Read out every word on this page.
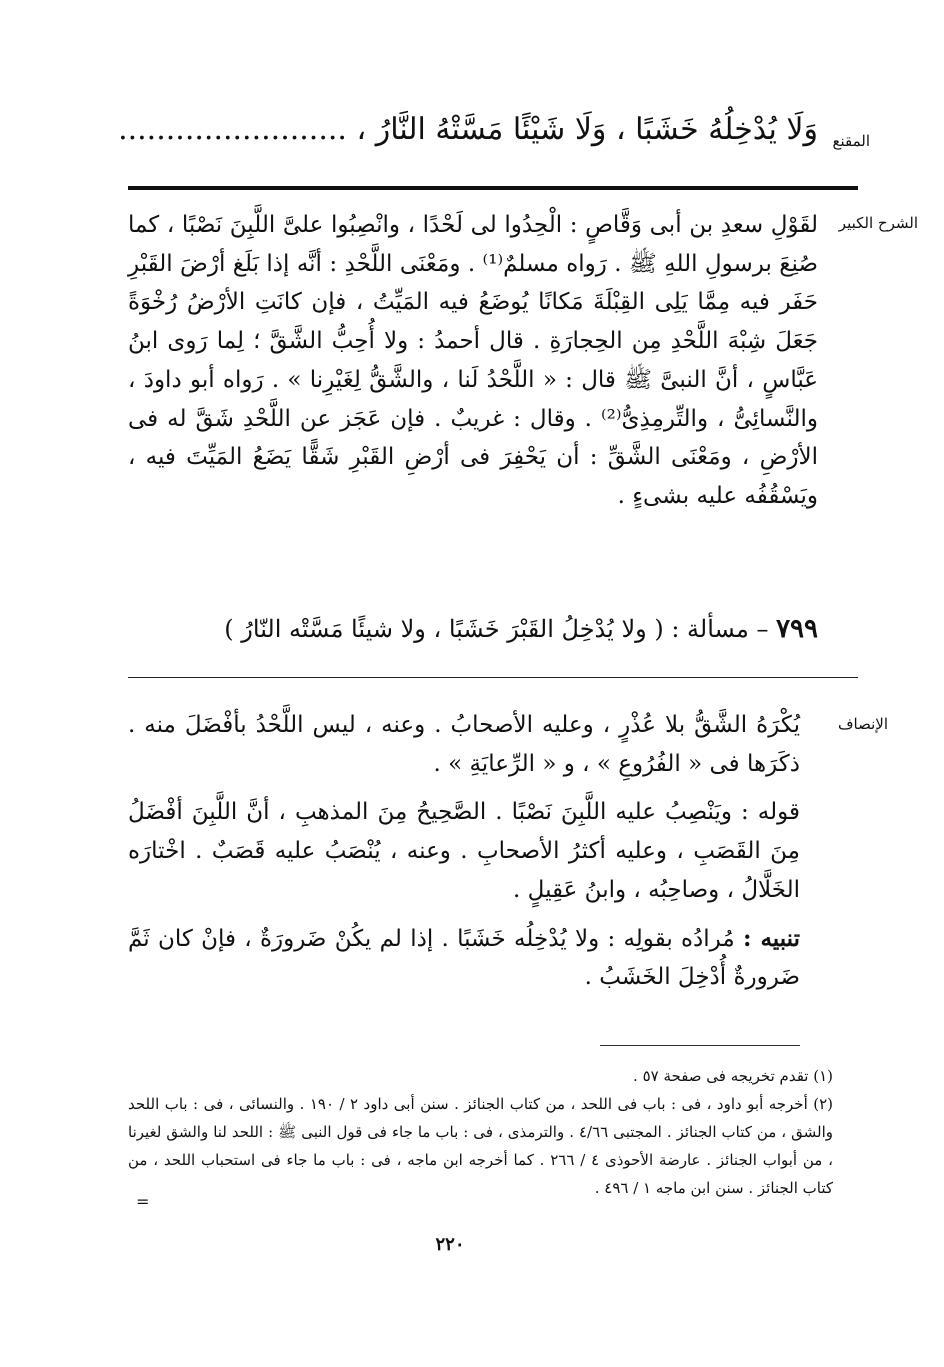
المقنع
وَلَا يُدْخِلُهُ خَشَبًا ، وَلَا شَيْئًا مَسَّتْهُ النَّارُ ، ........................
الشرح الكبير
لقَوْلِ سعدِ بن أبى وَقَّاصٍ : الْحِدُوا لى لَحْدًا ، وانْصِبُوا علىَّ اللَّبِنَ نَصْبًا ، كما صُنِعَ برسولِ اللهِ ﷺ . رَواه مسلمٌ⁽¹⁾ . ومَعْنَى اللَّحْدِ : أنَّه إذا بَلَغ أرْضَ القَبْرِ حَفَر فيه مِمَّا يَلِى القِبْلَةَ مَكانًا يُوضَعُ فيه المَيِّتُ ، فإن كانَتِ الأرْضُ رُخْوَةً جَعَلَ شِبْهَ اللَّحْدِ مِن الحِجارَةِ . قال أحمدُ : ولا أُحِبُّ الشَّقَّ ؛ لِما رَوى ابنُ عَبَّاسٍ ، أنَّ النبىَّ ﷺ قال : « اللَّحْدُ لَنا ، والشَّقُّ لِغَيْرِنا » . رَواه أبو داودَ ، والنَّسائِىُّ ، والتِّرمِذِىُّ⁽²⁾ . وقال : غريبٌ . فإن عَجَز عن اللَّحْدِ شَقَّ له فى الأرْضِ ، ومَعْنَى الشَّقِّ : أن يَحْفِرَ فى أرْضِ القَبْرِ شَقًّا يَضَعُ المَيِّتَ فيه ، ويَسْقُفُه عليه بشىءٍ .
٧٩٩ – مسألة : ( ولا يُدْخِلُ القَبْرَ خَشَبًا ، ولا شيئًا مَسَّتْه النّارُ )
الإنصاف

يُكْرَهُ الشَّقُّ بلا عُذْرٍ ، وعليه الأصحابُ . وعنه ، ليس اللَّحْدُ بأفْضَلَ منه . ذكَرَها فى « الفُرُوعِ » ، و « الرِّعايَةِ » .

قوله : ويَنْصِبُ عليه اللَّبِنَ نَصْبًا . الصَّحِيحُ مِنَ المذهبِ ، أنَّ اللَّبِنَ أفْضَلُ مِنَ القَصَبِ ، وعليه أكثرُ الأصحابِ . وعنه ، يُنْصَبُ عليه قَصَبٌ . اخْتارَه الخَلَّالُ ، وصاحِبُه ، وابنُ عَقِيلٍ .

تنبيه : مُرادُه بقولِه : ولا يُدْخِلُه خَشَبًا . إذا لم يكُنْ ضَرورَةٌ ، فإنْ كان ثَمَّ ضَرورةٌ أُدْخِلَ الخَشَبُ .

(١) تقدم تخريجه فى صفحة ٥٧ .

(٢) أخرجه أبو داود ، فى : باب فى اللحد ، من كتاب الجنائز . سنن أبى داود ٢ / ١٩٠ . والنسائى ، فى : باب اللحد والشق ، من كتاب الجنائز . المجتبى ٤/٦٦ . والترمذى ، فى : باب ما جاء فى قول النبى ﷺ : اللحد لنا والشق لغيرنا ، من أبواب الجنائز . عارضة الأحوذى ٤ / ٢٦٦ . كما أخرجه ابن ماجه ، فى : باب ما جاء فى استحباب اللحد ، من كتاب الجنائز . سنن ابن ماجه ١ / ٤٩٦ .

=
٢٢٠
